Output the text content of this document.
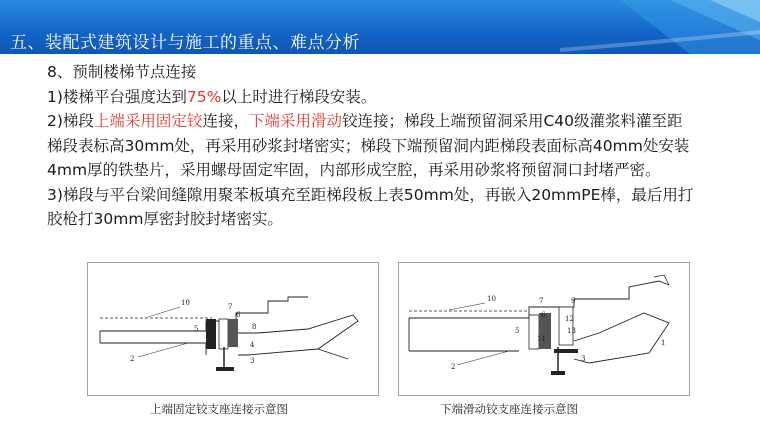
五、装配式建筑设计与施工的重点、难点分析
8、预制楼梯节点连接
1)楼梯平台强度达到75%以上时进行梯段安装。
2)梯段上端采用固定铰连接，下端采用滑动铰连接；梯段上端预留洞采用C40级灌浆料灌至距
梯段表标高30mm处，再采用砂浆封堵密实；梯段下端预留洞内距梯段表面标高40mm处安装
4mm厚的铁垫片，采用螺母固定牢固，内部形成空腔，再采用砂浆将预留洞口封堵严密。
3)梯段与平台梁间缝隙用聚苯板填充至距梯段板上表50mm处，再嵌入20mmPE棒，最后用打
胶枪打30mm厚密封胶封堵密实。
10	7
5
6
8
2
4
3
10	7	9
6	12
5	13
11
2
3
1
上端固定铰支座连接示意图	下端滑动铰支座连接示意图
